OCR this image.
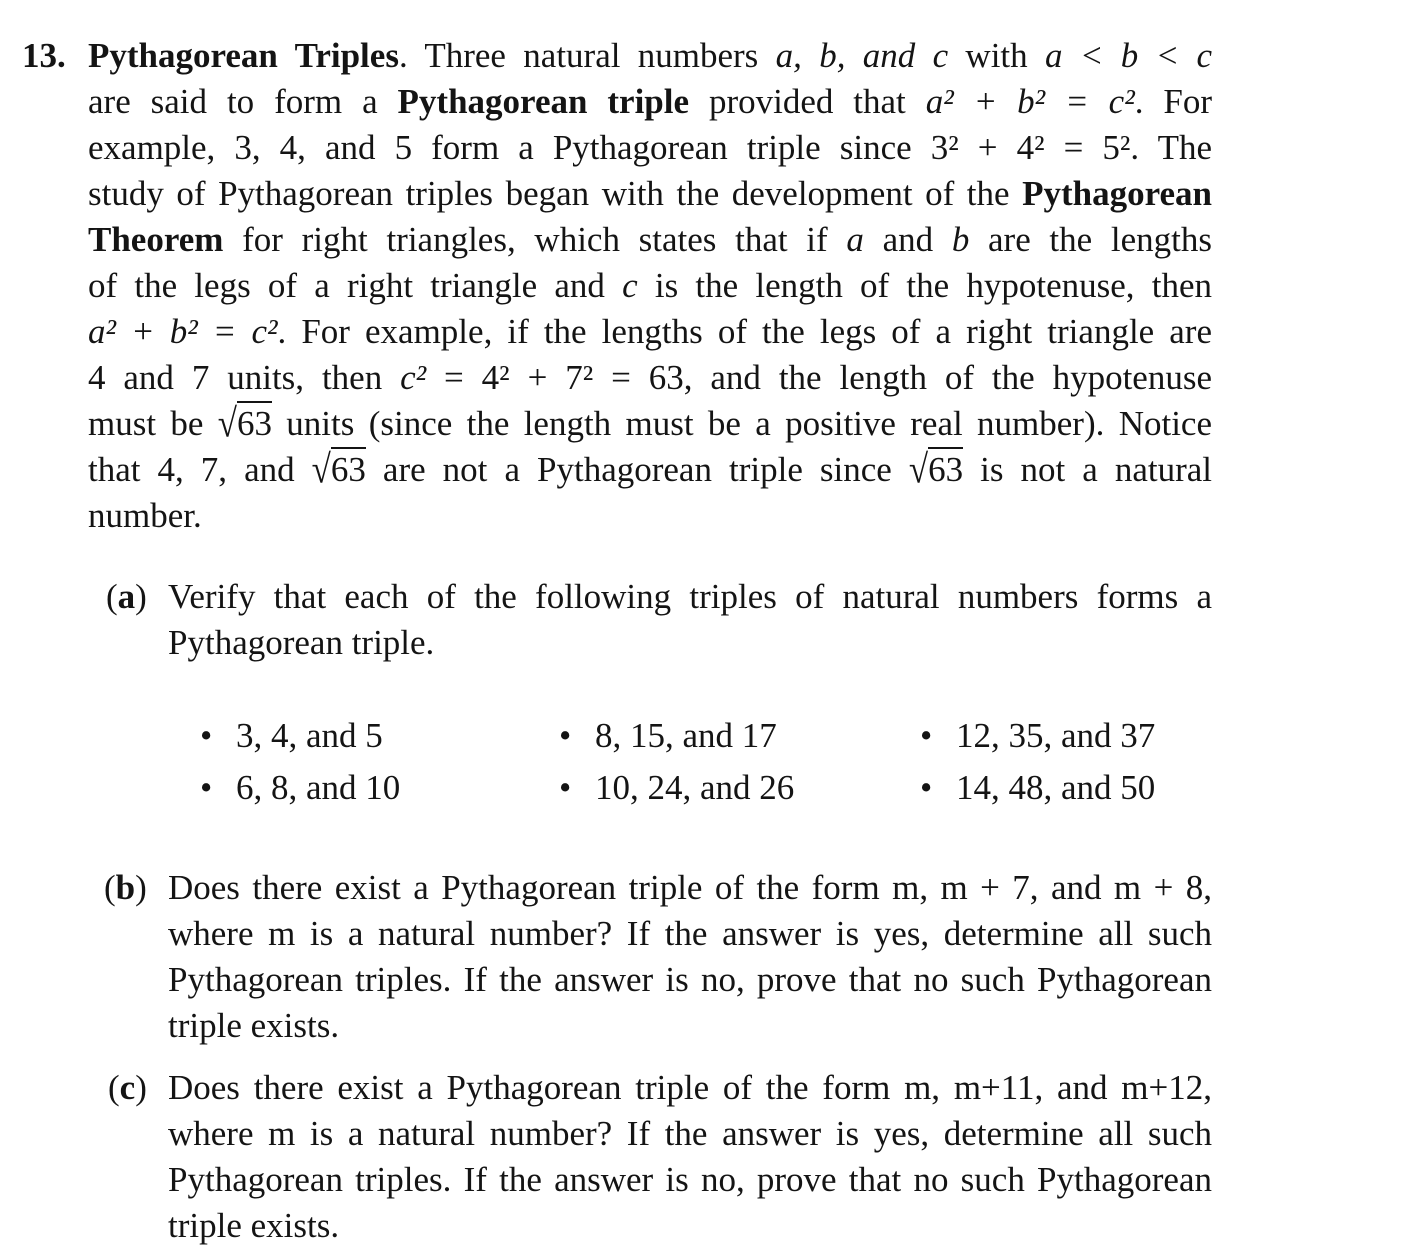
13. Pythagorean Triples. Three natural numbers a, b, and c with a < b < c
are said to form a Pythagorean triple provided that a² + b² = c². For
example, 3, 4, and 5 form a Pythagorean triple since 3² + 4² = 5². The
study of Pythagorean triples began with the development of the Pythagorean
Theorem for right triangles, which states that if a and b are the lengths
of the legs of a right triangle and c is the length of the hypotenuse, then
a² + b² = c². For example, if the lengths of the legs of a right triangle are
4 and 7 units, then c² = 4² + 7² = 63, and the length of the hypotenuse
must be √63 units (since the length must be a positive real number). Notice
that 4, 7, and √63 are not a Pythagorean triple since √63 is not a natural
number.
(a) Verify that each of the following triples of natural numbers forms a
Pythagorean triple.
• 3, 4, and 5
• 6, 8, and 10
• 8, 15, and 17
• 10, 24, and 26
• 12, 35, and 37
• 14, 48, and 50
(b) Does there exist a Pythagorean triple of the form m, m + 7, and m + 8,
where m is a natural number? If the answer is yes, determine all such
Pythagorean triples. If the answer is no, prove that no such Pythagorean
triple exists.
(c) Does there exist a Pythagorean triple of the form m, m+11, and m+12,
where m is a natural number? If the answer is yes, determine all such
Pythagorean triples. If the answer is no, prove that no such Pythagorean
triple exists.
